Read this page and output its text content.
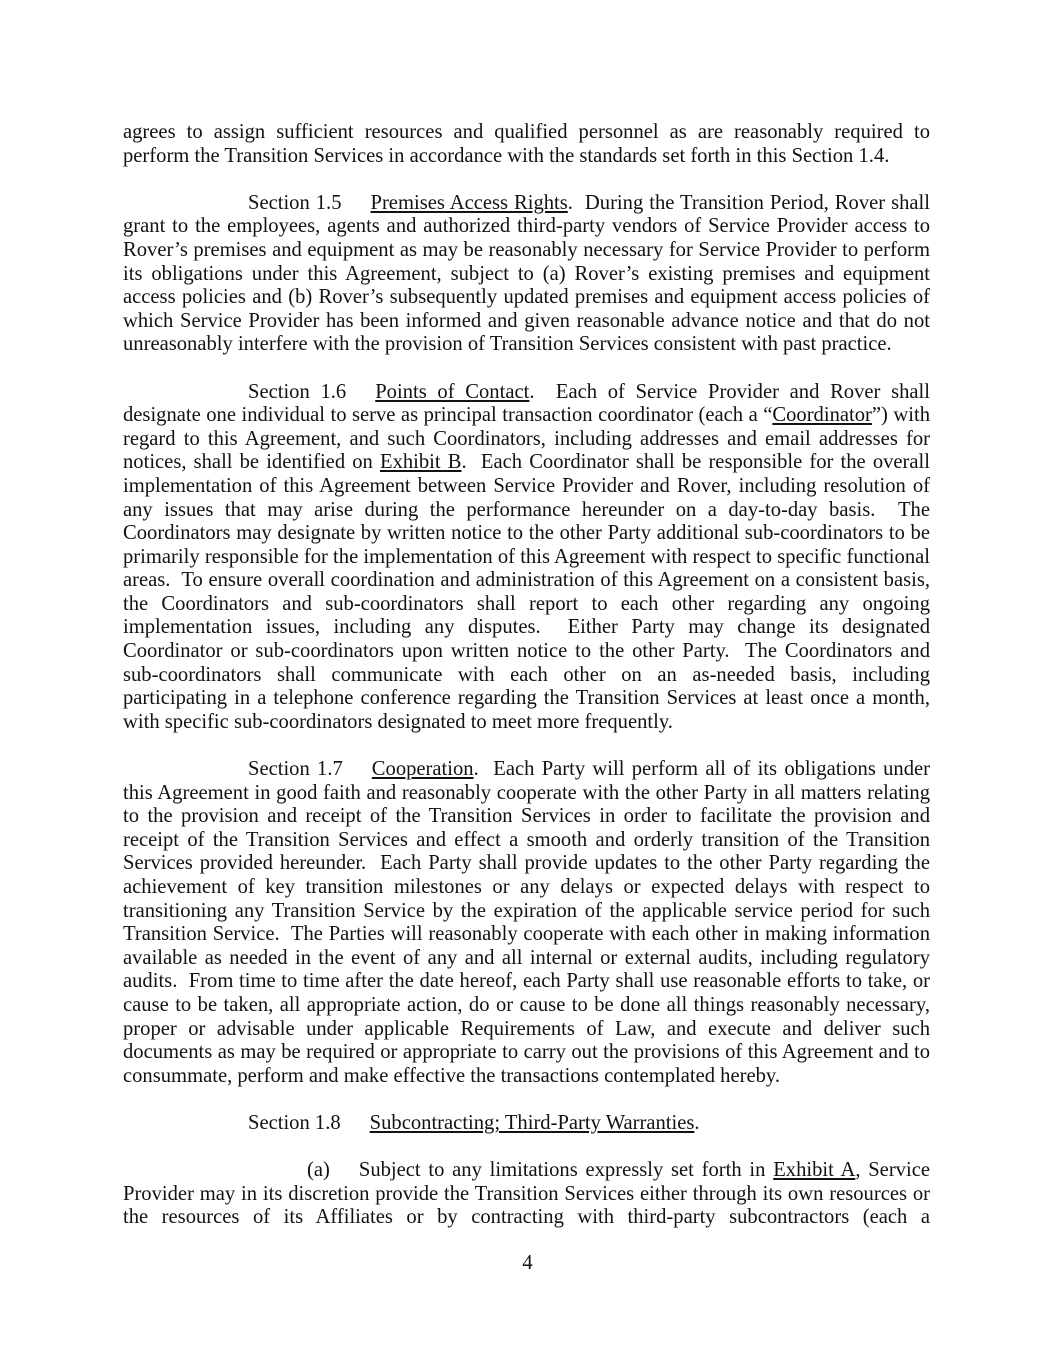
agrees to assign sufficient resources and qualified personnel as are reasonably required to perform the Transition Services in accordance with the standards set forth in this Section 1.4.

Section 1.5 Premises Access Rights.  During the Transition Period, Rover shall grant to the employees, agents and authorized third-party vendors of Service Provider access to Rover’s premises and equipment as may be reasonably necessary for Service Provider to perform its obligations under this Agreement, subject to (a) Rover’s existing premises and equipment access policies and (b) Rover’s subsequently updated premises and equipment access policies of which Service Provider has been informed and given reasonable advance notice and that do not unreasonably interfere with the provision of Transition Services consistent with past practice.

Section 1.6 Points of Contact.  Each of Service Provider and Rover shall designate one individual to serve as principal transaction coordinator (each a “Coordinator”) with regard to this Agreement, and such Coordinators, including addresses and email addresses for notices, shall be identified on Exhibit B.  Each Coordinator shall be responsible for the overall implementation of this Agreement between Service Provider and Rover, including resolution of any issues that may arise during the performance hereunder on a day-to-day basis.  The Coordinators may designate by written notice to the other Party additional sub-coordinators to be primarily responsible for the implementation of this Agreement with respect to specific functional areas.  To ensure overall coordination and administration of this Agreement on a consistent basis, the Coordinators and sub-coordinators shall report to each other regarding any ongoing implementation issues, including any disputes.  Either Party may change its designated Coordinator or sub-coordinators upon written notice to the other Party.  The Coordinators and sub-coordinators shall communicate with each other on an as-needed basis, including participating in a telephone conference regarding the Transition Services at least once a month, with specific sub-coordinators designated to meet more frequently.

Section 1.7 Cooperation.  Each Party will perform all of its obligations under this Agreement in good faith and reasonably cooperate with the other Party in all matters relating to the provision and receipt of the Transition Services in order to facilitate the provision and receipt of the Transition Services and effect a smooth and orderly transition of the Transition Services provided hereunder.  Each Party shall provide updates to the other Party regarding the achievement of key transition milestones or any delays or expected delays with respect to transitioning any Transition Service by the expiration of the applicable service period for such Transition Service.  The Parties will reasonably cooperate with each other in making information available as needed in the event of any and all internal or external audits, including regulatory audits.  From time to time after the date hereof, each Party shall use reasonable efforts to take, or cause to be taken, all appropriate action, do or cause to be done all things reasonably necessary, proper or advisable under applicable Requirements of Law, and execute and deliver such documents as may be required or appropriate to carry out the provisions of this Agreement and to consummate, perform and make effective the transactions contemplated hereby.

Section 1.8 Subcontracting; Third-Party Warranties.

(a) Subject to any limitations expressly set forth in Exhibit A, Service Provider may in its discretion provide the Transition Services either through its own resources or the resources of its Affiliates or by contracting with third-party subcontractors (each a

4
